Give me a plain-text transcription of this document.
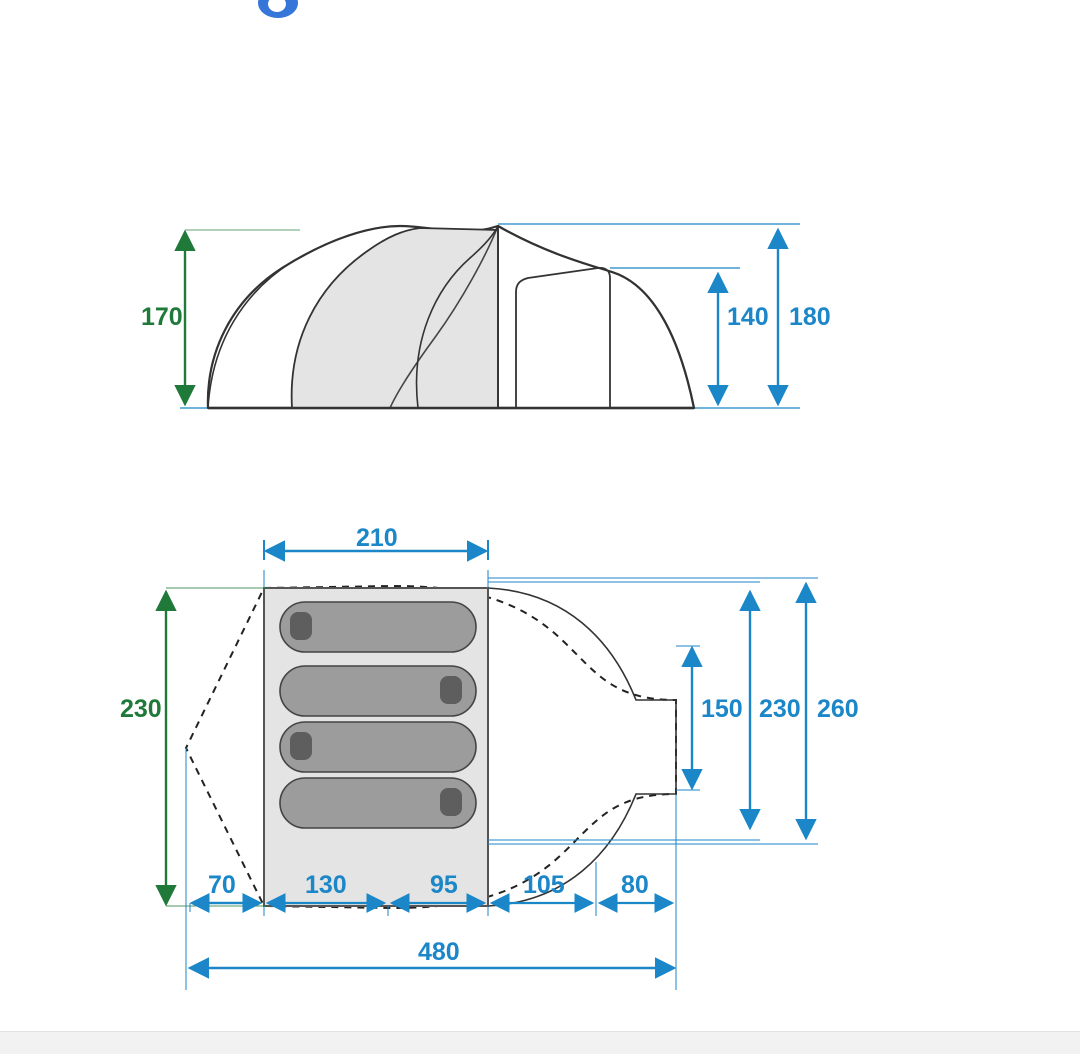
170	140 180
210
230	150 230 260
70	130	95	105 80
480
